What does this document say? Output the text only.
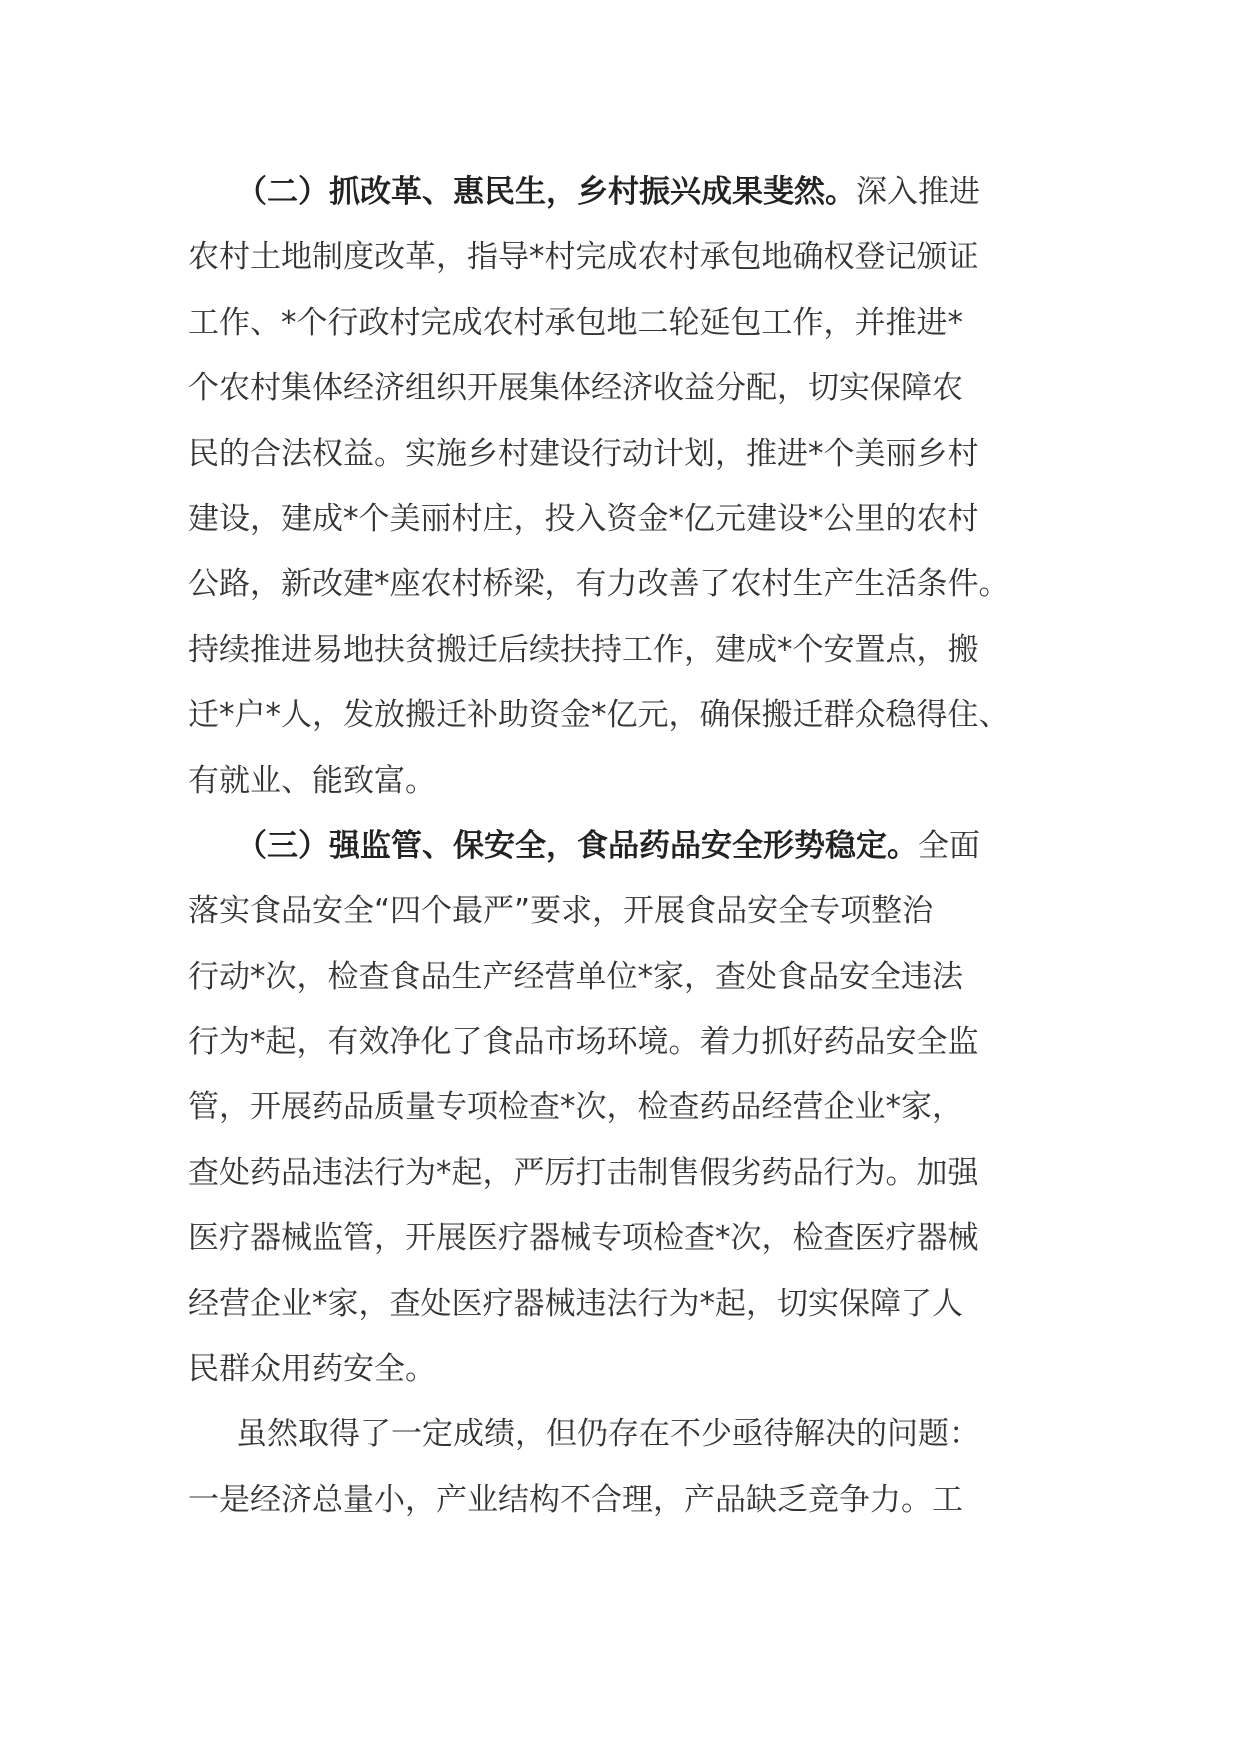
（二）抓改革、惠民生，乡村振兴成果斐然。深入推进
农村土地制度改革，指导*村完成农村承包地确权登记颁证
工作、*个行政村完成农村承包地二轮延包工作，并推进*
个农村集体经济组织开展集体经济收益分配，切实保障农
民的合法权益。实施乡村建设行动计划，推进*个美丽乡村
建设，建成*个美丽村庄，投入资金*亿元建设*公里的农村
公路，新改建*座农村桥梁，有力改善了农村生产生活条件。
持续推进易地扶贫搬迁后续扶持工作，建成*个安置点，搬
迁*户*人，发放搬迁补助资金*亿元，确保搬迁群众稳得住、
有就业、能致富。
（三）强监管、保安全，食品药品安全形势稳定。全面
落实食品安全“四个最严”要求，开展食品安全专项整治
行动*次，检查食品生产经营单位*家，查处食品安全违法
行为*起，有效净化了食品市场环境。着力抓好药品安全监
管，开展药品质量专项检查*次，检查药品经营企业*家，
查处药品违法行为*起，严厉打击制售假劣药品行为。加强
医疗器械监管，开展医疗器械专项检查*次，检查医疗器械
经营企业*家，查处医疗器械违法行为*起，切实保障了人
民群众用药安全。
虽然取得了一定成绩，但仍存在不少亟待解决的问题：
一是经济总量小，产业结构不合理，产品缺乏竞争力。工
